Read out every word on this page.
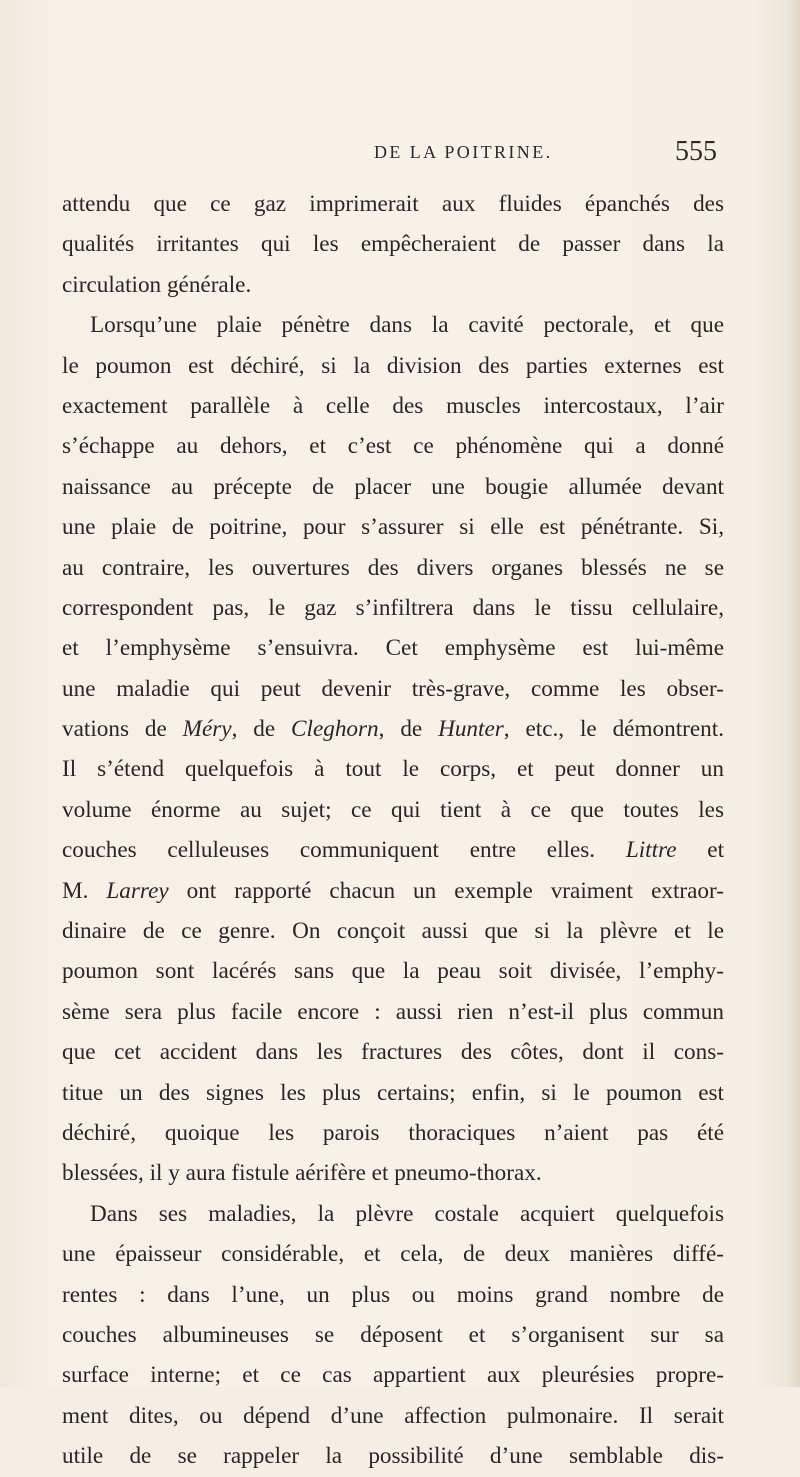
DE LA POITRINE.	555
attendu que ce gaz imprimerait aux fluides épanchés des
qualités irritantes qui les empêcheraient de passer dans la
circulation générale.
Lorsqu’une plaie pénètre dans la cavité pectorale, et que
le poumon est déchiré, si la division des parties externes est
exactement parallèle à celle des muscles intercostaux, l’air
s’échappe au dehors, et c’est ce phénomène qui a donné
naissance au précepte de placer une bougie allumée devant
une plaie de poitrine, pour s’assurer si elle est pénétrante. Si,
au contraire, les ouvertures des divers organes blessés ne se
correspondent pas, le gaz s’infiltrera dans le tissu cellulaire,
et l’emphysème s’ensuivra. Cet emphysème est lui-même
une maladie qui peut devenir très-grave, comme les obser-
vations de Méry, de Cleghorn, de Hunter, etc., le démontrent.
Il s’étend quelquefois à tout le corps, et peut donner un
volume énorme au sujet; ce qui tient à ce que toutes les
couches celluleuses communiquent entre elles. Littre et
M. Larrey ont rapporté chacun un exemple vraiment extraor-
dinaire de ce genre. On conçoit aussi que si la plèvre et le
poumon sont lacérés sans que la peau soit divisée, l’emphy-
sème sera plus facile encore : aussi rien n’est-il plus commun
que cet accident dans les fractures des côtes, dont il cons-
titue un des signes les plus certains; enfin, si le poumon est
déchiré, quoique les parois thoraciques n’aient pas été
blessées, il y aura fistule aérifère et pneumo-thorax.
Dans ses maladies, la plèvre costale acquiert quelquefois
une épaisseur considérable, et cela, de deux manières diffé-
rentes : dans l’une, un plus ou moins grand nombre de
couches albumineuses se déposent et s’organisent sur sa
surface interne; et ce cas appartient aux pleurésies propre-
ment dites, ou dépend d’une affection pulmonaire. Il serait
utile de se rappeler la possibilité d’une semblable dis-
